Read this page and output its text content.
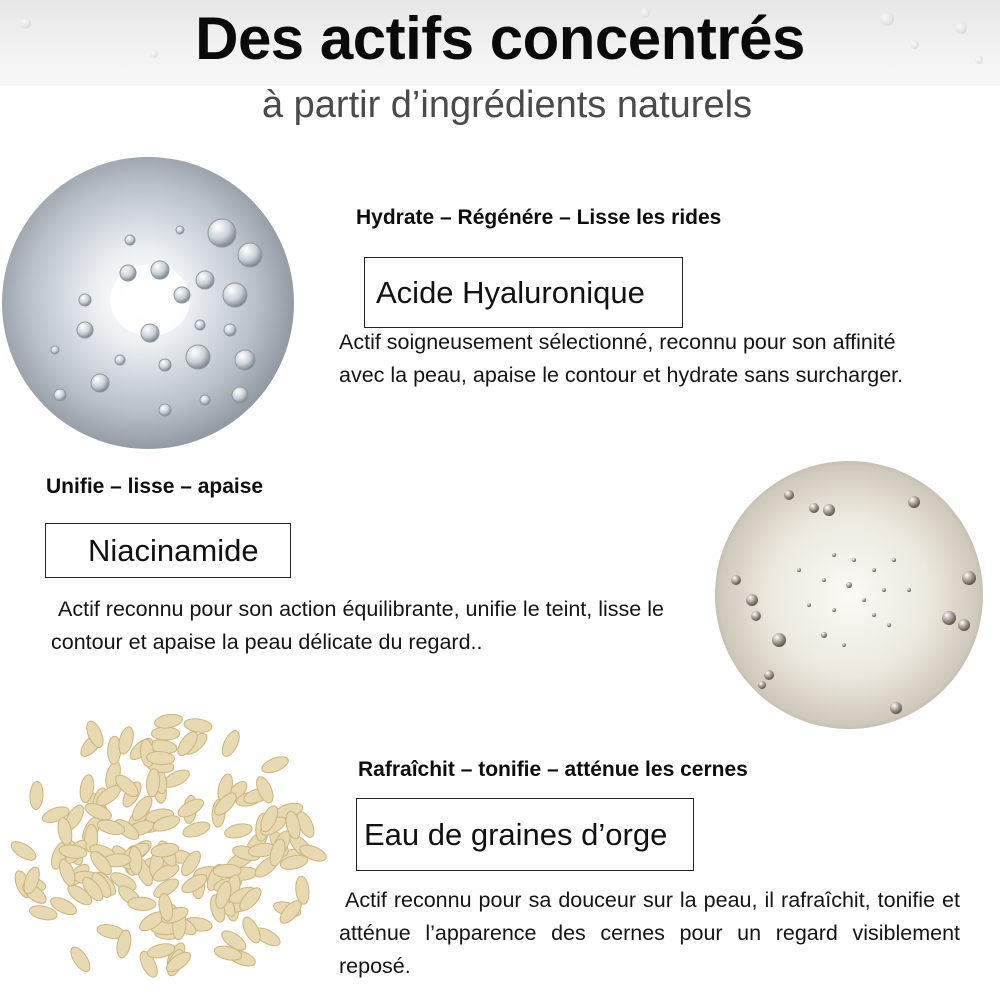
Des actifs concentrés

à partir d’ingrédients naturels

Hydrate – Régénére – Lisse les rides

Acide Hyaluronique

Actif soigneusement sélectionné, reconnu pour son affinité avec la peau, apaise le contour et hydrate sans surcharger.

Unifie – lisse – apaise

Niacinamide

Actif reconnu pour son action équilibrante, unifie le teint, lisse le contour et apaise la peau délicate du regard..

Rafraîchit – tonifie – atténue les cernes

Eau de graines d’orge

Actif reconnu pour sa douceur sur la peau, il rafraîchit, tonifie et atténue l’apparence des cernes pour un regard visiblement reposé.
